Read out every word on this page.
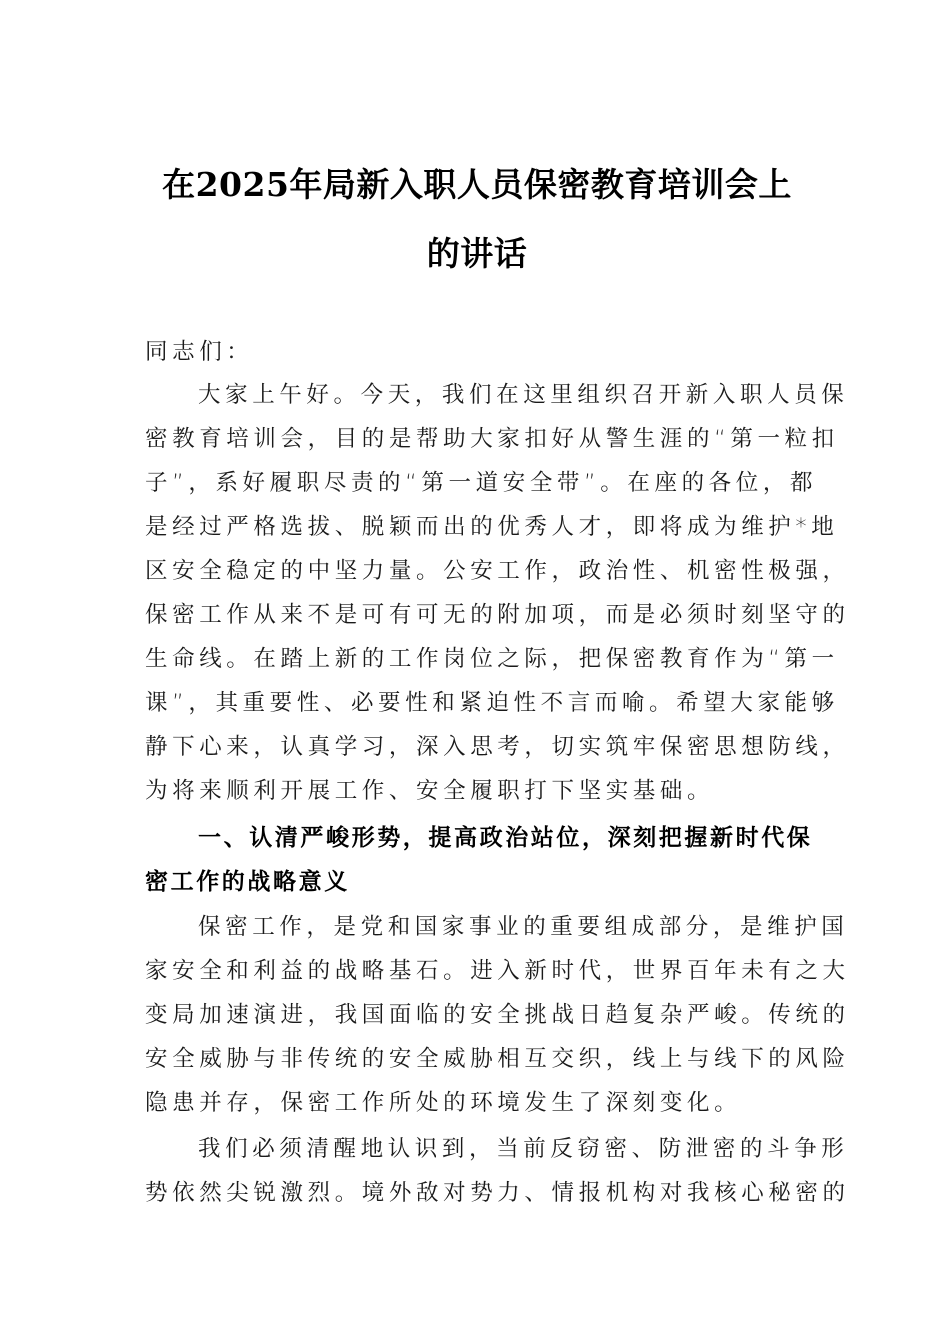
在2025年局新入职人员保密教育培训会上
的讲话
同志们：
大家上午好。今天，我们在这里组织召开新入职人员保
密教育培训会，目的是帮助大家扣好从警生涯的“第一粒扣
子”，系好履职尽责的“第一道安全带”。在座的各位，都
是经过严格选拔、脱颖而出的优秀人才，即将成为维护*地
区安全稳定的中坚力量。公安工作，政治性、机密性极强，
保密工作从来不是可有可无的附加项，而是必须时刻坚守的
生命线。在踏上新的工作岗位之际，把保密教育作为“第一
课”，其重要性、必要性和紧迫性不言而喻。希望大家能够
静下心来，认真学习，深入思考，切实筑牢保密思想防线，
为将来顺利开展工作、安全履职打下坚实基础。
一、认清严峻形势，提高政治站位，深刻把握新时代保
密工作的战略意义
保密工作，是党和国家事业的重要组成部分，是维护国
家安全和利益的战略基石。进入新时代，世界百年未有之大
变局加速演进，我国面临的安全挑战日趋复杂严峻。传统的
安全威胁与非传统的安全威胁相互交织，线上与线下的风险
隐患并存，保密工作所处的环境发生了深刻变化。
我们必须清醒地认识到，当前反窃密、防泄密的斗争形
势依然尖锐激烈。境外敌对势力、情报机构对我核心秘密的
